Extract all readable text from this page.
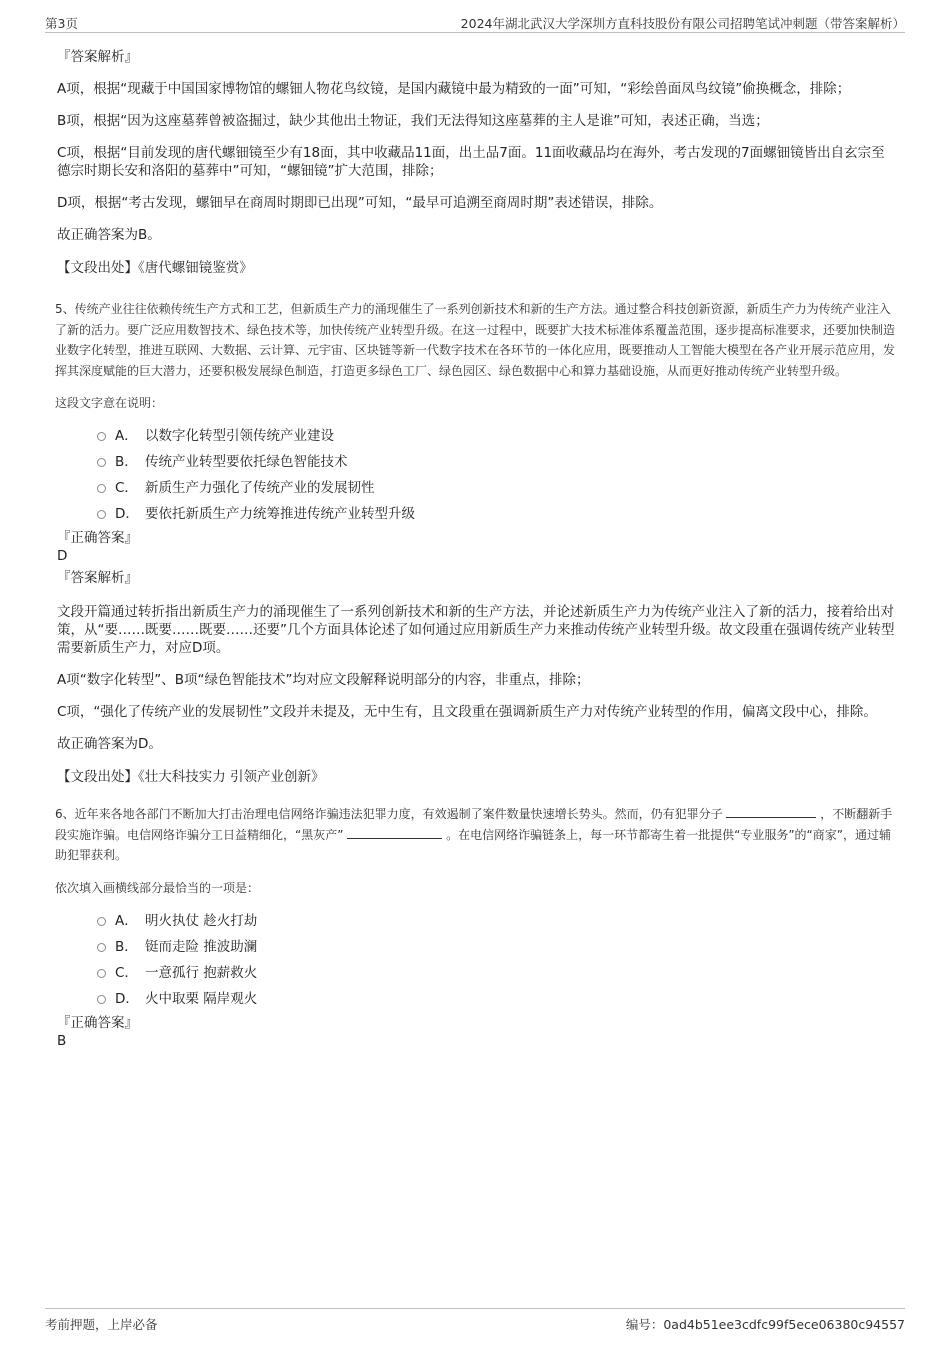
第3页	2024年湖北武汉大学深圳方直科技股份有限公司招聘笔试冲刺题（带答案解析）
『答案解析』
A项，根据“现藏于中国国家博物馆的螺钿人物花鸟纹镜，是国内藏镜中最为精致的一面”可知，“彩绘兽面凤鸟纹镜”偷换概念，排除；
B项，根据“因为这座墓葬曾被盗掘过，缺少其他出土物证，我们无法得知这座墓葬的主人是谁”可知，表述正确，当选；
C项，根据“目前发现的唐代螺钿镜至少有18面，其中收藏品11面，出土品7面。11面收藏品均在海外，考古发现的7面螺钿镜皆出自玄宗至德宗时期长安和洛阳的墓葬中”可知，“螺钿镜”扩大范围，排除；
D项，根据“考古发现，螺钿早在商周时期即已出现”可知，“最早可追溯至商周时期”表述错误，排除。
故正确答案为B。
【文段出处】《唐代螺钿镜鉴赏》
5、传统产业往往依赖传统生产方式和工艺，但新质生产力的涌现催生了一系列创新技术和新的生产方法。通过整合科技创新资源，新质生产力为传统产业注入了新的活力。要广泛应用数智技术、绿色技术等，加快传统产业转型升级。在这一过程中，既要扩大技术标准体系覆盖范围，逐步提高标准要求，还要加快制造业数字化转型，推进互联网、大数据、云计算、元宇宙、区块链等新一代数字技术在各环节的一体化应用，既要推动人工智能大模型在各产业开展示范应用，发挥其深度赋能的巨大潜力，还要积极发展绿色制造，打造更多绿色工厂、绿色园区、绿色数据中心和算力基础设施，从而更好推动传统产业转型升级。
这段文字意在说明：
A． 以数字化转型引领传统产业建设
B． 传统产业转型要依托绿色智能技术
C． 新质生产力强化了传统产业的发展韧性
D． 要依托新质生产力统筹推进传统产业转型升级
『正确答案』
D
『答案解析』
文段开篇通过转折指出新质生产力的涌现催生了一系列创新技术和新的生产方法，并论述新质生产力为传统产业注入了新的活力，接着给出对策，从“要……既要……既要……还要”几个方面具体论述了如何通过应用新质生产力来推动传统产业转型升级。故文段重在强调传统产业转型需要新质生产力，对应D项。
A项“数字化转型”、B项“绿色智能技术”均对应文段解释说明部分的内容，非重点，排除；
C项，“强化了传统产业的发展韧性”文段并未提及，无中生有，且文段重在强调新质生产力对传统产业转型的作用，偏离文段中心，排除。
故正确答案为D。
【文段出处】《壮大科技实力 引领产业创新》
6、近年来各地各部门不断加大打击治理电信网络诈骗违法犯罪力度，有效遏制了案件数量快速增长势头。然而，仍有犯罪分子	，不断翻新手段实施诈骗。电信网络诈骗分工日益精细化，“黑灰产”	。在电信网络诈骗链条上，每一环节都寄生着一批提供“专业服务”的“商家”，通过辅助犯罪获利。
依次填入画横线部分最恰当的一项是：
A． 明火执仗 趁火打劫
B． 铤而走险 推波助澜
C． 一意孤行 抱薪救火
D． 火中取栗 隔岸观火
『正确答案』
B
考前押题，上岸必备	编号：0ad4b51ee3cdfc99f5ece06380c94557
